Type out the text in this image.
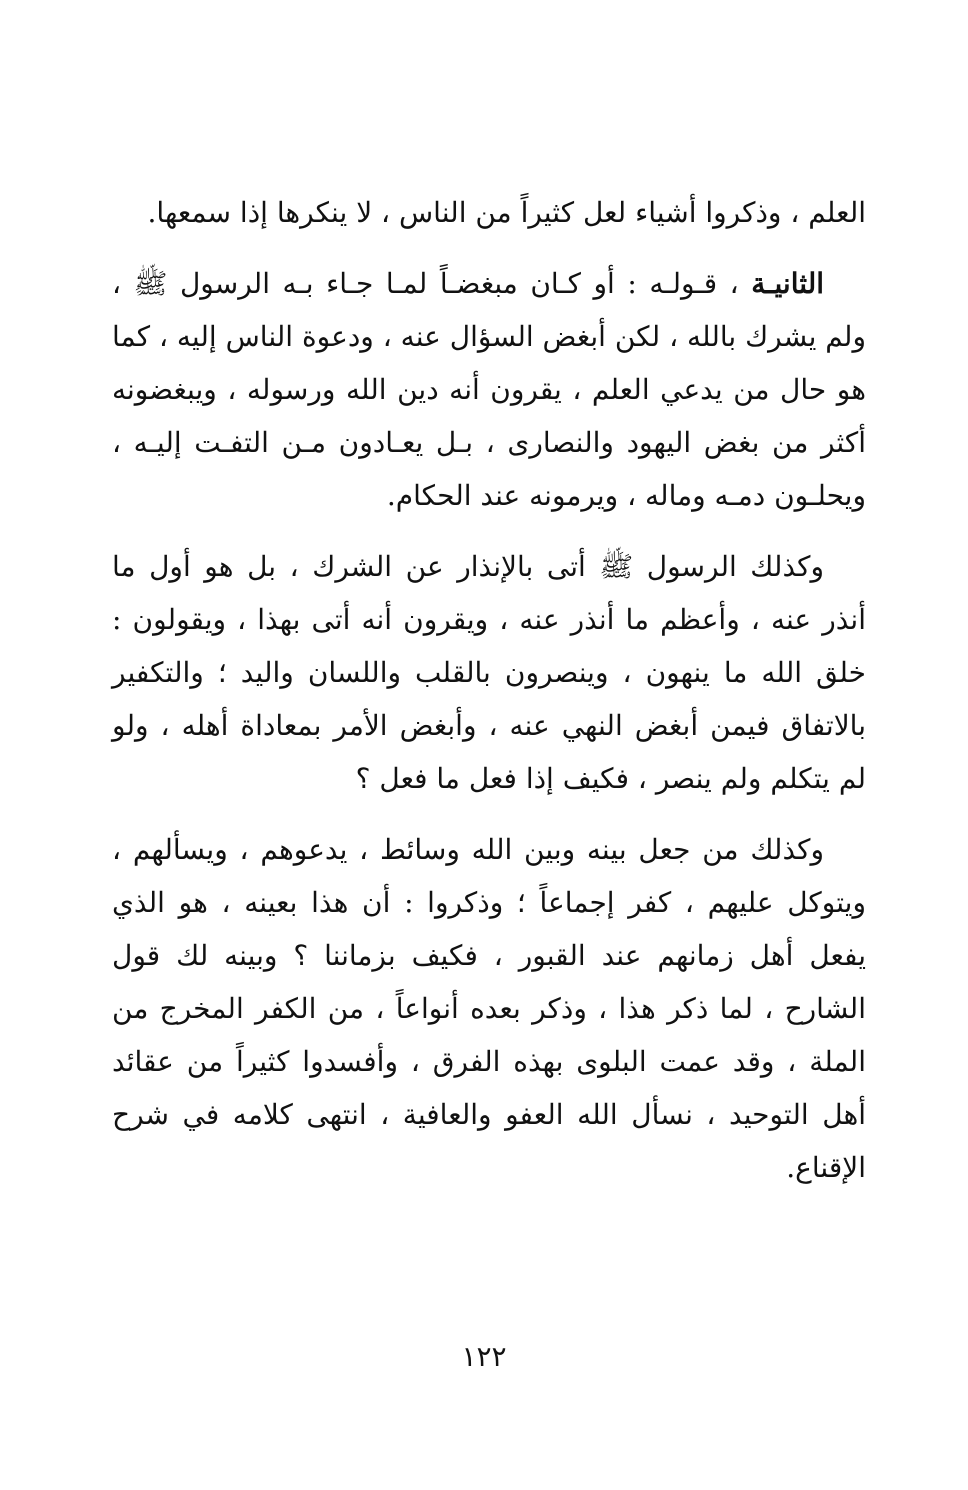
العلم ، وذكروا أشياء لعل كثيراً من الناس ، لا ينكرها إذا سمعها.

الثانيـة ، قـولـه : أو كـان مبغضـاً لمـا جـاء بـه الرسول ﷺ ، ولم يشرك بالله ، لكن أبغض السؤال عنه ، ودعوة الناس إليه ، كما هو حال من يدعي العلم ، يقرون أنه دين الله ورسوله ، ويبغضونه أكثر من بغض اليهود والنصارى ، بـل يعـادون مـن التفـت إليـه ، ويحلـون دمـه وماله ، ويرمونه عند الحكام.

وكذلك الرسول ﷺ أتى بالإنذار عن الشرك ، بل هو أول ما أنذر عنه ، وأعظم ما أنذر عنه ، ويقرون أنه أتى بهذا ، ويقولون : خلق الله ما ينهون ، وينصرون بالقلب واللسان واليد ؛ والتكفير بالاتفاق فيمن أبغض النهي عنه ، وأبغض الأمر بمعاداة أهله ، ولو لم يتكلم ولم ينصر ، فكيف إذا فعل ما فعل ؟

وكذلك من جعل بينه وبين الله وسائط ، يدعوهم ، ويسألهم ، ويتوكل عليهم ، كفر إجماعاً ؛ وذكروا : أن هذا بعينه ، هو الذي يفعل أهل زمانهم عند القبور ، فكيف بزماننا ؟ وبينه لك قول الشارح ، لما ذكر هذا ، وذكر بعده أنواعاً ، من الكفر المخرج من الملة ، وقد عمت البلوى بهذه الفرق ، وأفسدوا كثيراً من عقائد أهل التوحيد ، نسأل الله العفو والعافية ، انتهى كلامه في شرح الإقناع.

١٢٢
